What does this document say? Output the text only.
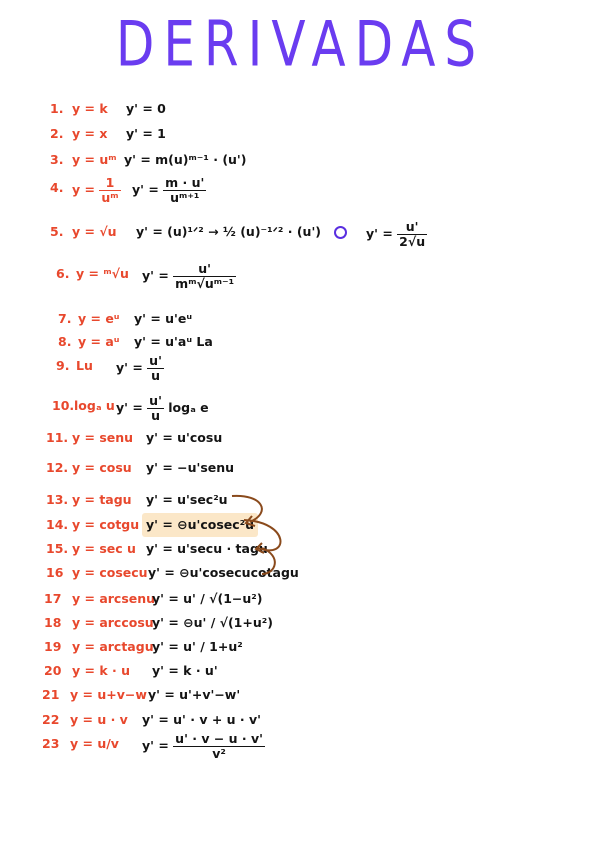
DERIVADAS
1. y = k y' = 0
2. y = x y' = 1
3. y = uᵐ y' = m(u)ᵐ⁻¹ · (u')
4. $y = \frac{1}{\text{uᵐ}} y' = \frac{m \cdot u'}{\text{uᵐ⁺¹}}$
5. y = √u y' = (u)¹ᐟ² → ½ (u)⁻¹ᐟ² · (u')	$y' = \frac{u'}{2√u}$
6. y = ᵐ√u $y' = \frac{u'}{\text{mᵐ√uᵐ⁻¹}}$
7. y = eᵘ y' = u'eᵘ
8. y = aᵘ y' = u'aᵘ La
9. Lu $y' = \frac{u'}{u}$
10. logₐ u $y' = \frac{u'}{u}$ logₐ e
11. y = senu y' = u'cosu
12. y = cosu y' = −u'senu
13. y = tagu y' = u'sec²u
14. y = cotgu y' = ⊖u'cosec²u
15. y = sec u y' = u'secu · tagu
16 y = cosecu y' = ⊖u'cosecucotagu
17 y = arcsenu
y' = u' / √(1−u²)
18 y = arccosu
y' = ⊖u' / √(1+u²)
19 y = arctagu
y' = u' / 1+u²
20 y = k · u y' = k · u'
21 y = u+v−w y' = u'+v'−w'
22 y = u · v y' = u' · v + u · v'
23 y = u/v $y' = \frac{u' \cdot v - u \cdot v'}{\text{v²}}$
